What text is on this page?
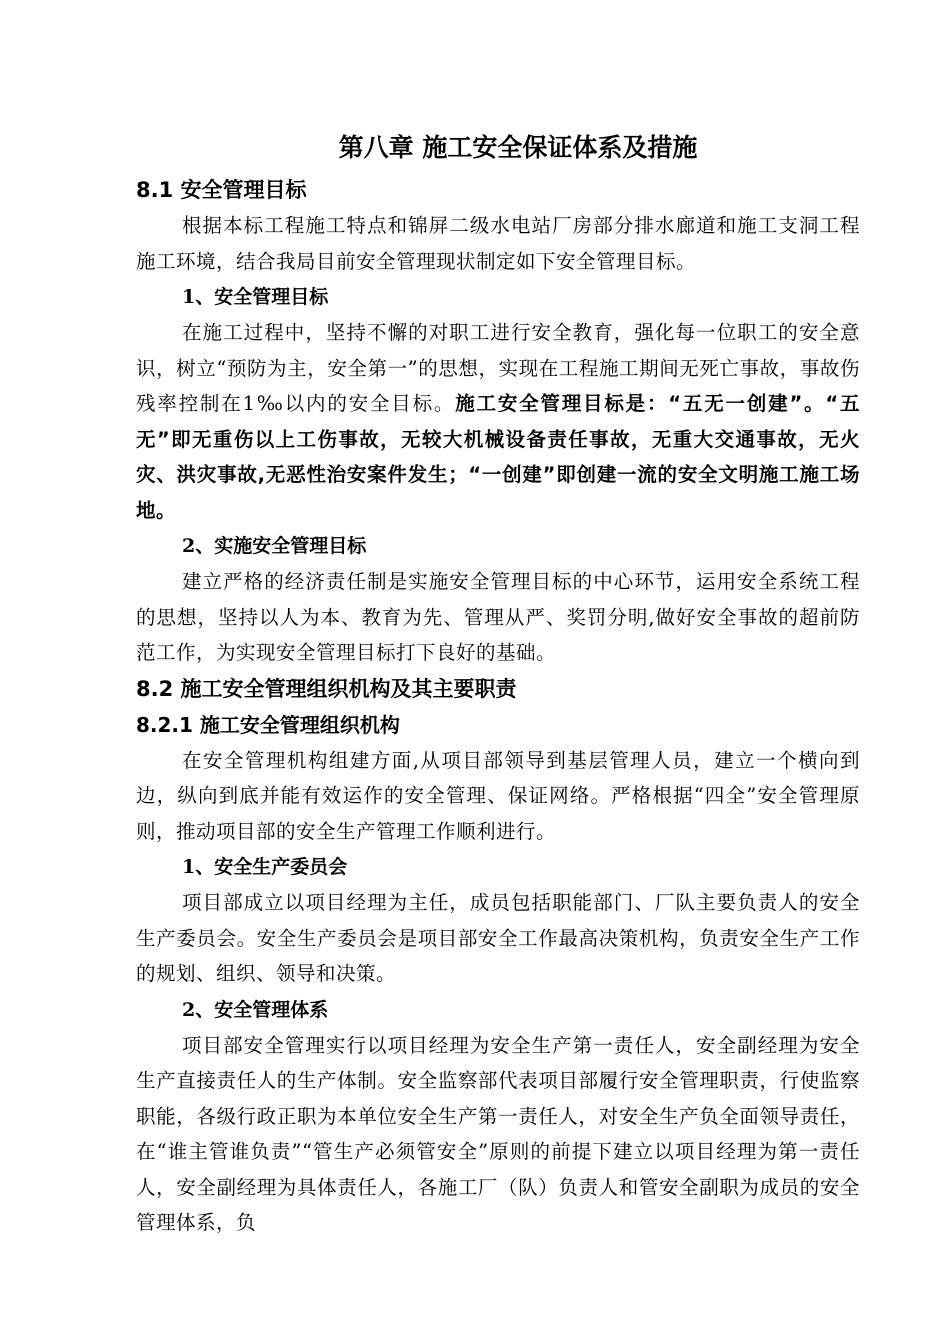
第八章 施工安全保证体系及措施
8.1 安全管理目标

根据本标工程施工特点和锦屏二级水电站厂房部分排水廊道和施工支洞工程施工环境，结合我局目前安全管理现状制定如下安全管理目标。

1、安全管理目标

在施工过程中，坚持不懈的对职工进行安全教育，强化每一位职工的安全意识，树立“预防为主，安全第一”的思想，实现在工程施工期间无死亡事故，事故伤残率控制在1‰以内的安全目标。施工安全管理目标是：“五无一创建”。“五无”即无重伤以上工伤事故，无较大机械设备责任事故，无重大交通事故，无火灾、洪灾事故,无恶性治安案件发生；“一创建”即创建一流的安全文明施工施工场地。

2、实施安全管理目标

建立严格的经济责任制是实施安全管理目标的中心环节，运用安全系统工程的思想，坚持以人为本、教育为先、管理从严、奖罚分明,做好安全事故的超前防范工作，为实现安全管理目标打下良好的基础。

8.2 施工安全管理组织机构及其主要职责
8.2.1 施工安全管理组织机构

在安全管理机构组建方面,从项目部领导到基层管理人员，建立一个横向到边，纵向到底并能有效运作的安全管理、保证网络。严格根据“四全”安全管理原则，推动项目部的安全生产管理工作顺利进行。

1、安全生产委员会

项目部成立以项目经理为主任，成员包括职能部门、厂队主要负责人的安全生产委员会。安全生产委员会是项目部安全工作最高决策机构，负责安全生产工作的规划、组织、领导和决策。

2、安全管理体系

项目部安全管理实行以项目经理为安全生产第一责任人，安全副经理为安全生产直接责任人的生产体制。安全监察部代表项目部履行安全管理职责，行使监察职能，各级行政正职为本单位安全生产第一责任人，对安全生产负全面领导责任，在“谁主管谁负责”“管生产必须管安全”原则的前提下建立以项目经理为第一责任人，安全副经理为具体责任人，各施工厂（队）负责人和管安全副职为成员的安全管理体系，负
